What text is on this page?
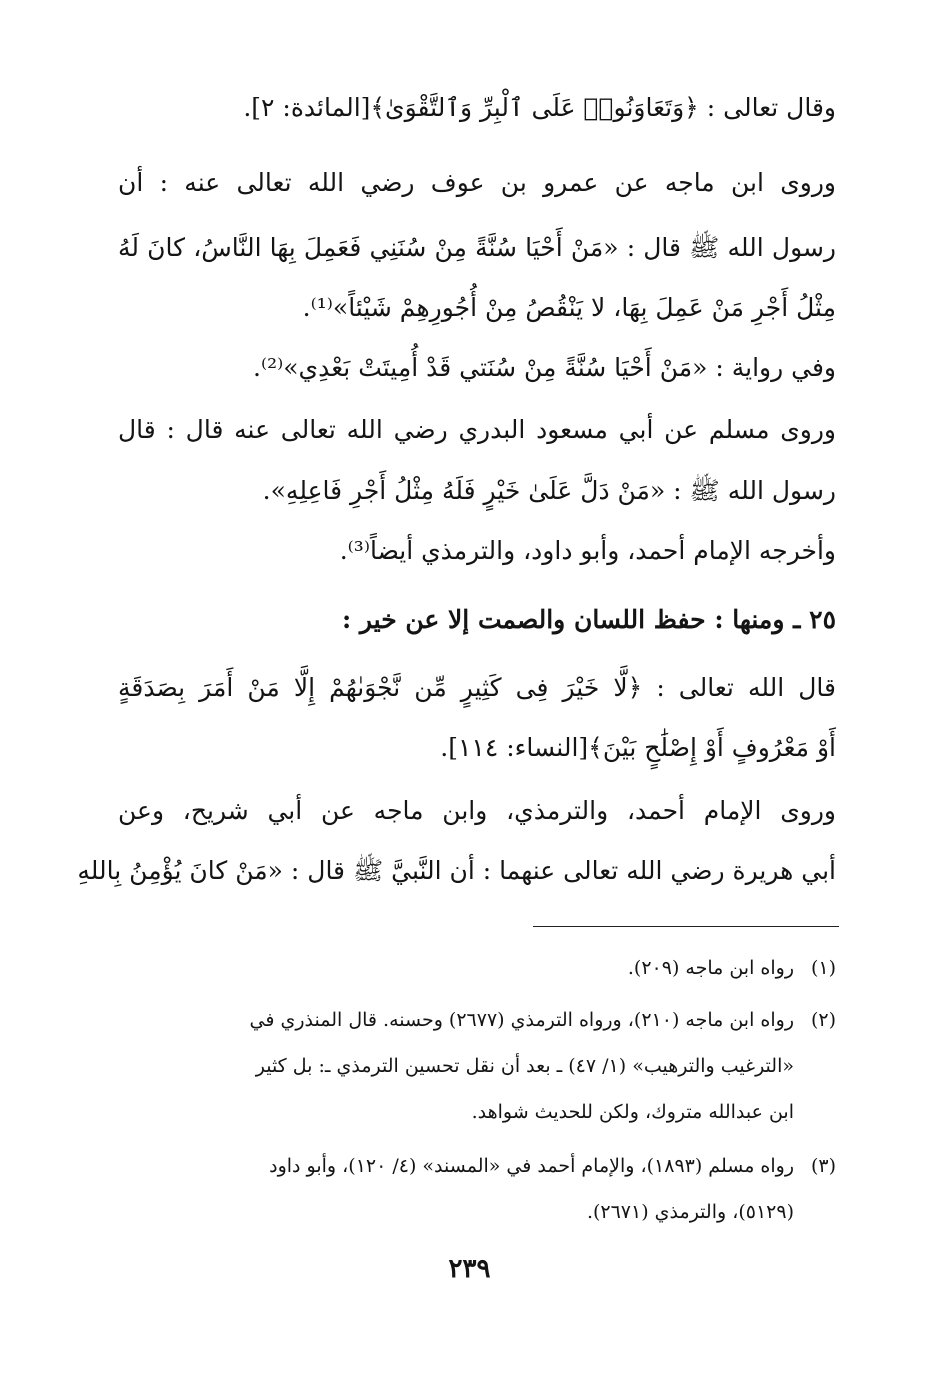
وقال تعالى : ﴿وَتَعَاوَنُوا۟ عَلَى ٱلْبِرِّ وَٱلتَّقْوَىٰ﴾[المائدة: ٢].
وروى ابن ماجه عن عمرو بن عوف رضي الله تعالى عنه : أن
رسول الله ﷺ قال : «مَنْ أَحْيَا سُنَّةً مِنْ سُنَنِي فَعَمِلَ بِهَا النَّاسُ، كانَ لَهُ
مِثْلُ أَجْرِ مَنْ عَمِلَ بِهَا، لا يَنْقُصُ مِنْ أُجُورِهِمْ شَيْئاً»⁽¹⁾.
وفي رواية : «مَنْ أَحْيَا سُنَّةً مِنْ سُنَتي قَدْ أُمِيتَتْ بَعْدِي»⁽²⁾.
وروى مسلم عن أبي مسعود البدري رضي الله تعالى عنه قال : قال
رسول الله ﷺ : «مَنْ دَلَّ عَلَىٰ خَيْرٍ فَلَهُ مِثْلُ أَجْرِ فَاعِلِهِ».
وأخرجه الإمام أحمد، وأبو داود، والترمذي أيضاً⁽³⁾.
٢٥ ـ ومنها : حفظ اللسان والصمت إلا عن خير :
قال الله تعالى : ﴿لَّا خَيْرَ فِى كَثِيرٍ مِّن نَّجْوَىٰهُمْ إِلَّا مَنْ أَمَرَ بِصَدَقَةٍ
أَوْ مَعْرُوفٍ أَوْ إِصْلَٰحٍ بَيْنَ﴾[النساء: ١١٤].
وروى الإمام أحمد، والترمذي، وابن ماجه عن أبي شريح، وعن
أبي هريرة رضي الله تعالى عنهما : أن النَّبيَّ ﷺ قال : «مَنْ كانَ يُؤْمِنُ بِاللهِ
(١)رواه ابن ماجه (٢٠٩).
(٢)رواه ابن ماجه (٢١٠)، ورواه الترمذي (٢٦٧٧) وحسنه. قال المنذري في
«الترغيب والترهيب» (١/ ٤٧) ـ بعد أن نقل تحسين الترمذي ـ: بل كثير
ابن عبدالله متروك، ولكن للحديث شواهد.
(٣)رواه مسلم (١٨٩٣)، والإمام أحمد في «المسند» (٤/ ١٢٠)، وأبو داود
(٥١٢٩)، والترمذي (٢٦٧١).
٢٣٩
